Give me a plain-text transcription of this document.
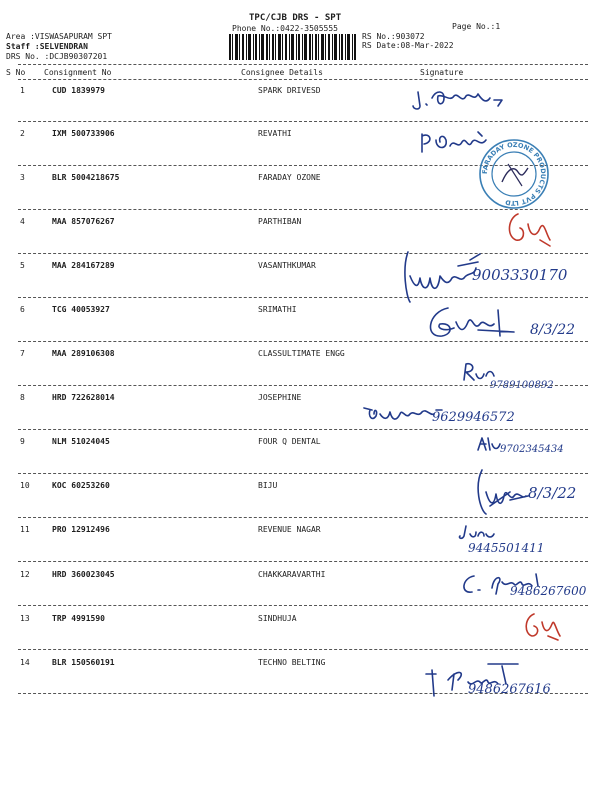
TPC/CJB DRS - SPT
Phone No.:0422-3505555	Page No.:1
Area :VISWASAPURAM SPT
Staff :SELVENDRAN
DRS No. :DCJB90307201
RS No.:903072
RS Date:08-Mar-2022
S No Consignment No	Consignee Details	Signature
1	CUD 1839979	SPARK DRIVESD
2	IXM 500733906	REVATHI
3	BLR 5004218675	FARADAY OZONE
4	MAA 857076267	PARTHIBAN
5	MAA 284167289	VASANTHKUMAR
6	TCG 40053927	SRIMATHI
7	MAA 289106308	CLASSULTIMATE ENGG
8	HRD 722628014	JOSEPHINE
9	NLM 51024045	FOUR Q DENTAL
10	KOC 60253260	BIJU
11	PRO 12912496	REVENUE NAGAR
12	HRD 360023045	CHAKKARAVARTHI
13	TRP 4991590	SINDHUJA
14	BLR 150560191	TECHNO BELTING
FARADAY OZONE PRODUCTS PVT LTD
9003330170
8/3/22
9789100892
9629946572
9702345434
8/3/22
9445501411
9486267600
9486267616
